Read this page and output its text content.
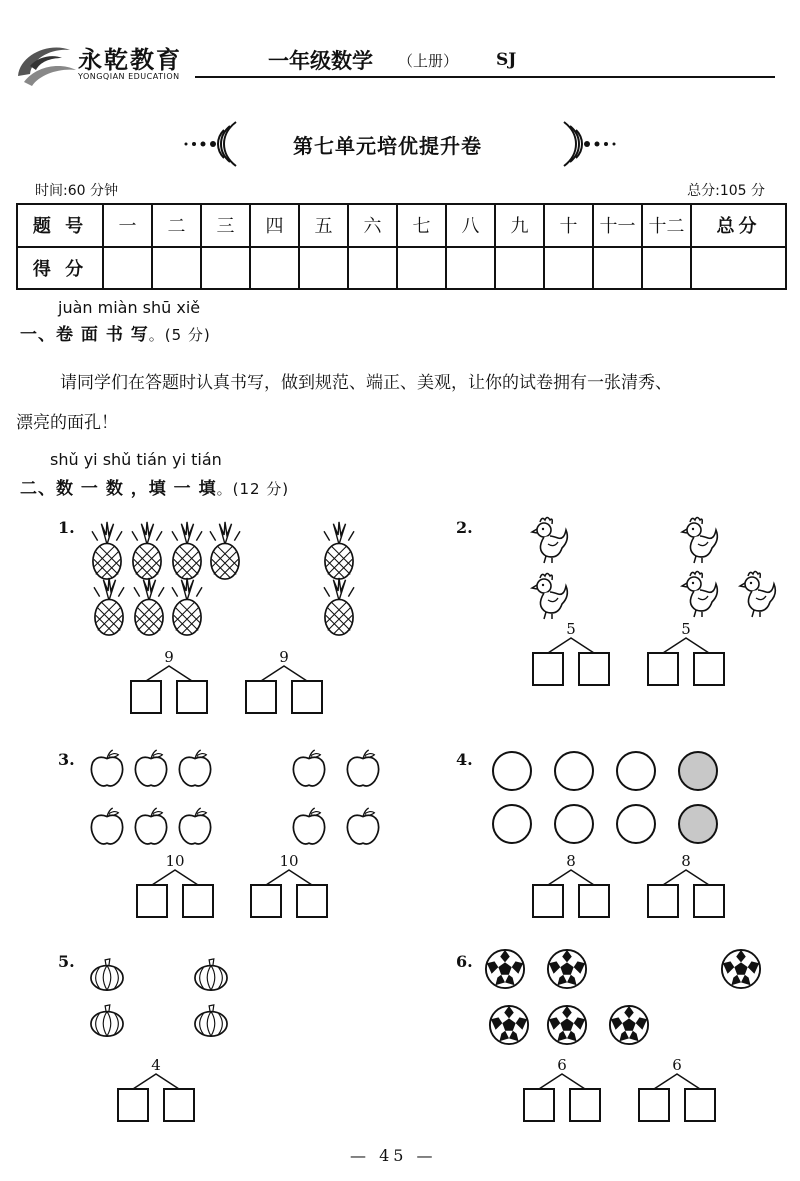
永乾教育
YONGQIAN EDUCATION
一年级数学 （上册） SJ
第七单元培优提升卷
时间:60 分钟	总分:105 分
题 号	一	二	三	四	五	六	七	八	九	十	十一	十二	总分
得 分													
juàn miàn shū xiě
一、卷 面 书 写。(5 分)
请同学们在答题时认真书写，做到规范、端正、美观，让你的试卷拥有一张清秀、
漂亮的面孔！
shǔ yi shǔ tián yi tián
二、数 一 数 ，填 一 填。(12 分)
1.
9	9
2.
5	5
3.
10	10
4.
8	8
5.
4
6.
6	6
— 45 —
